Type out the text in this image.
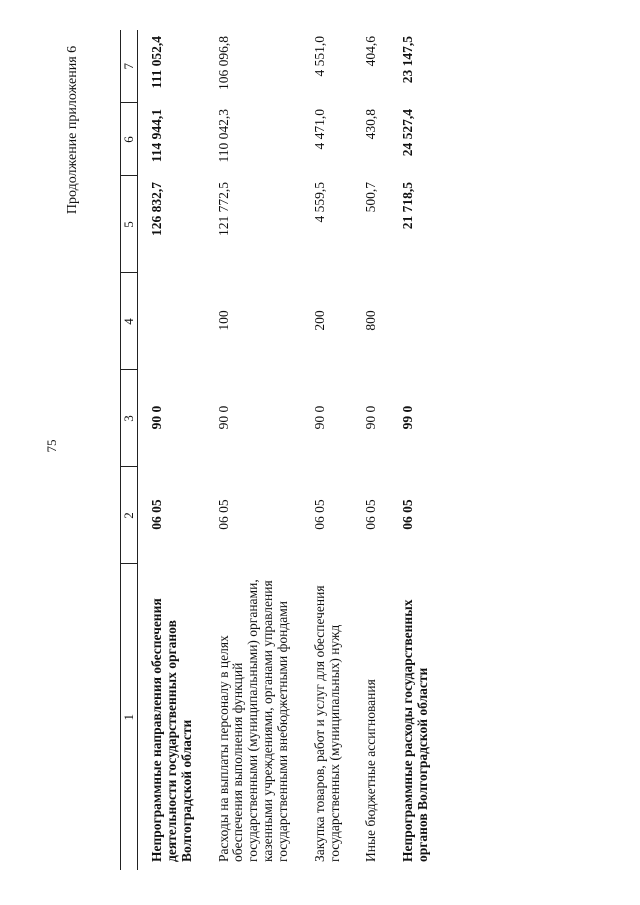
75
Продолжение приложения 6
1	2	3	4	5	6	7
Непрограммные направления обеспечения деятельности государственных органов Волгоградской области	06 05	90 0		126 832,7	114 944,1	111 052,4
Расходы на выплаты персоналу в целях обеспечения выполнения функций государственными (муниципальными) органами, казенными учреждениями, органами управления государственными внебюджетными фондами	06 05	90 0	100	121 772,5	110 042,3	106 096,8
Закупка товаров, работ и услуг для обеспечения государственных (муниципальных) нужд	06 05	90 0	200	4 559,5	4 471,0	4 551,0
Иные бюджетные ассигнования	06 05	90 0	800	500,7	430,8	404,6
Непрограммные расходы государственных органов Волгоградской области	06 05	99 0		21 718,5	24 527,4	23 147,5
